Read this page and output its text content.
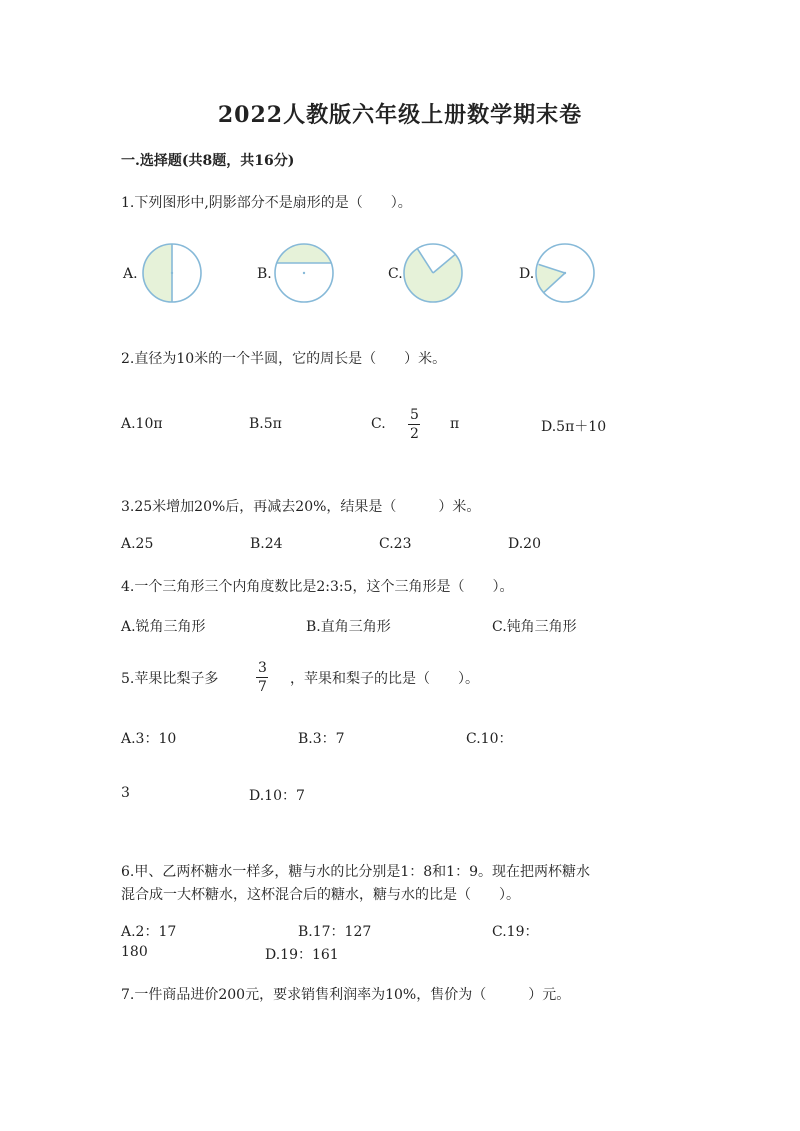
2022人教版六年级上册数学期末卷
一.选择题(共8题，共16分)
1.下列图形中,阴影部分不是扇形的是（　　）。
A.	B.	C.	D.
2.直径为10米的一个半圆，它的周长是（　　）米。
A.10π	B.5π	C.
5
2
π	D.5π＋10
3.25米增加20%后，再减去20%，结果是（　　　）米。
A.25	B.24	C.23	D.20
4.一个三角形三个内角度数比是2:3:5，这个三角形是（　　）。
A.锐角三角形	B.直角三角形	C.钝角三角形
5.苹果比梨子多
3
7 ，苹果和梨子的比是（　　）。
A.3：10	B.3：7	C.10：
3	D.10：7
6.甲、乙两杯糖水一样多，糖与水的比分别是1：8和1：9。现在把两杯糖水
混合成一大杯糖水，这杯混合后的糖水，糖与水的比是（　　）。
A.2：17	B.17：127	C.19：
180	D.19：161
7.一件商品进价200元，要求销售利润率为10%，售价为（　　　）元。
